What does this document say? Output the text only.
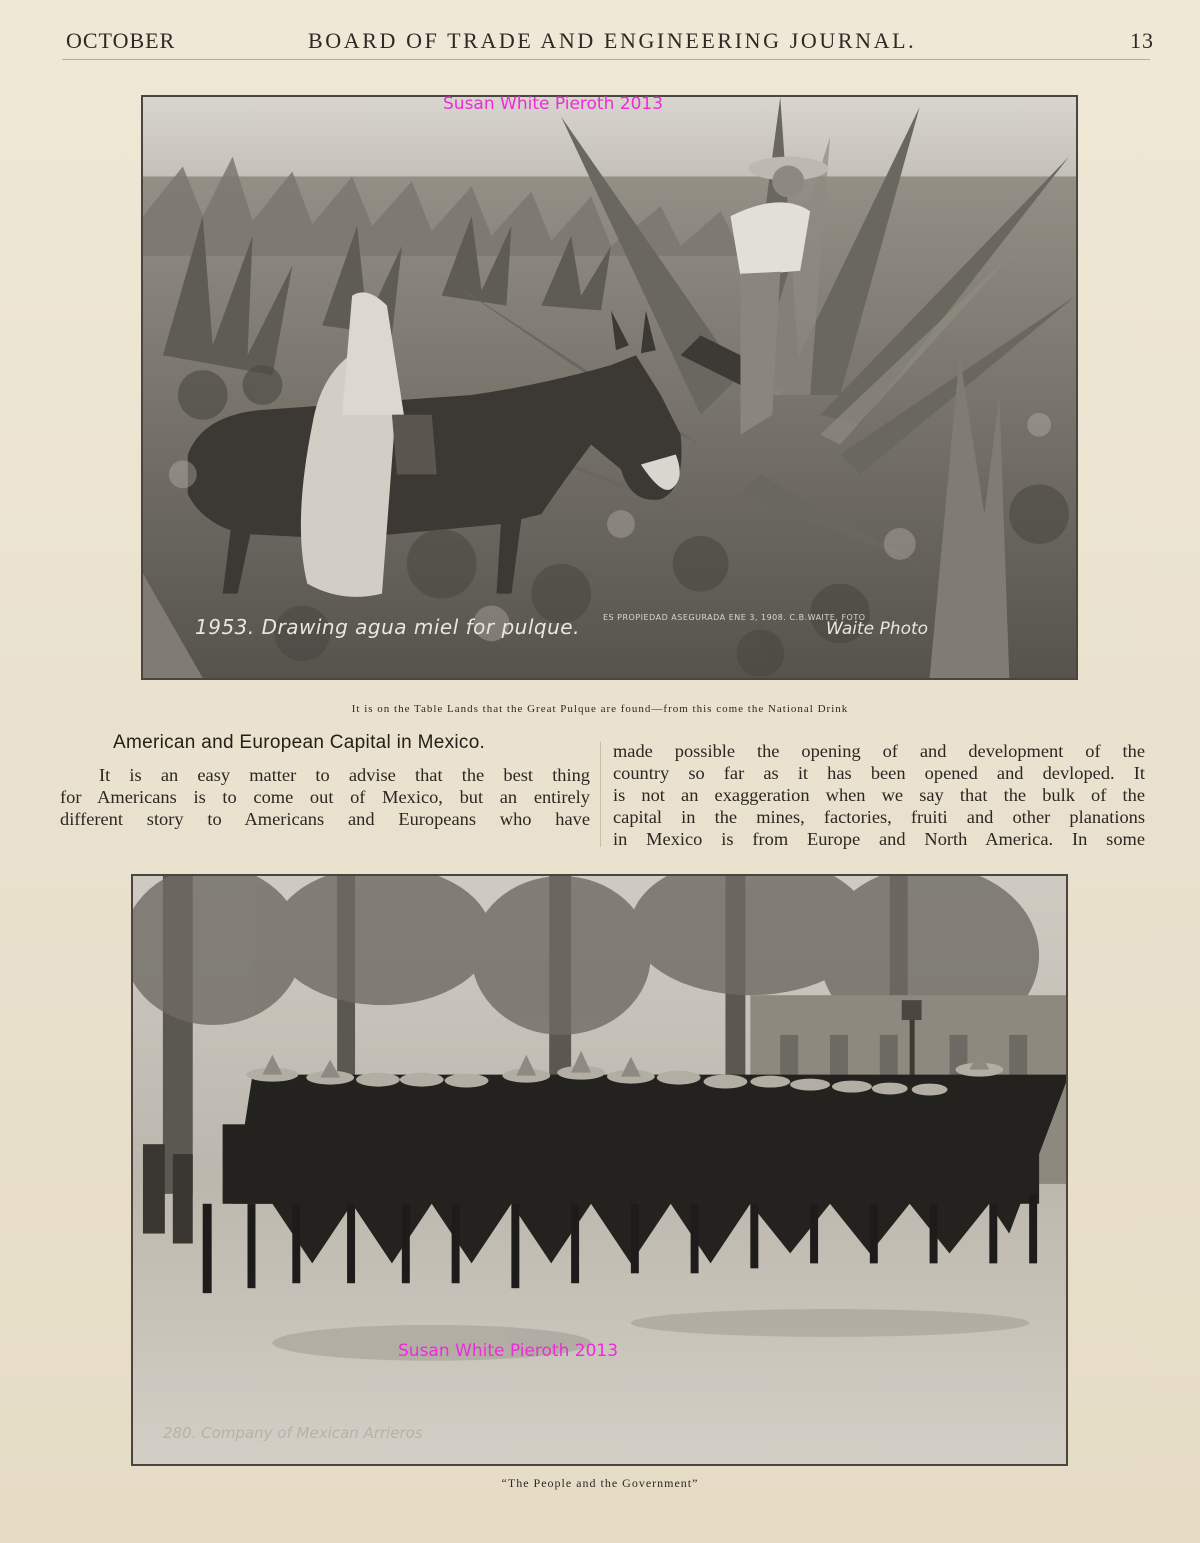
OCTOBER	BOARD OF TRADE AND ENGINEERING JOURNAL.	13
1953. Drawing agua miel for pulque.	ES PROPIEDAD ASEGURADA ENE 3, 1908. C.B.WAITE, FOTO
Waite Photo
Susan White Pieroth 2013
It is on the Table Lands that the Great Pulque are found—from this come the National Drink
American and European Capital in Mexico.
It is an easy matter to advise that the best thing
for Americans is to come out of Mexico, but an entirely
different story to Americans and Europeans who have
made possible the opening of and development of the
country so far as it has been opened and devloped. It
is not an exaggeration when we say that the bulk of the
capital in the mines, factories, fruiti and other planations
in Mexico is from Europe and North America. In some
280. Company of Mexican Arrieros
Susan White Pieroth 2013
“The People and the Government”
